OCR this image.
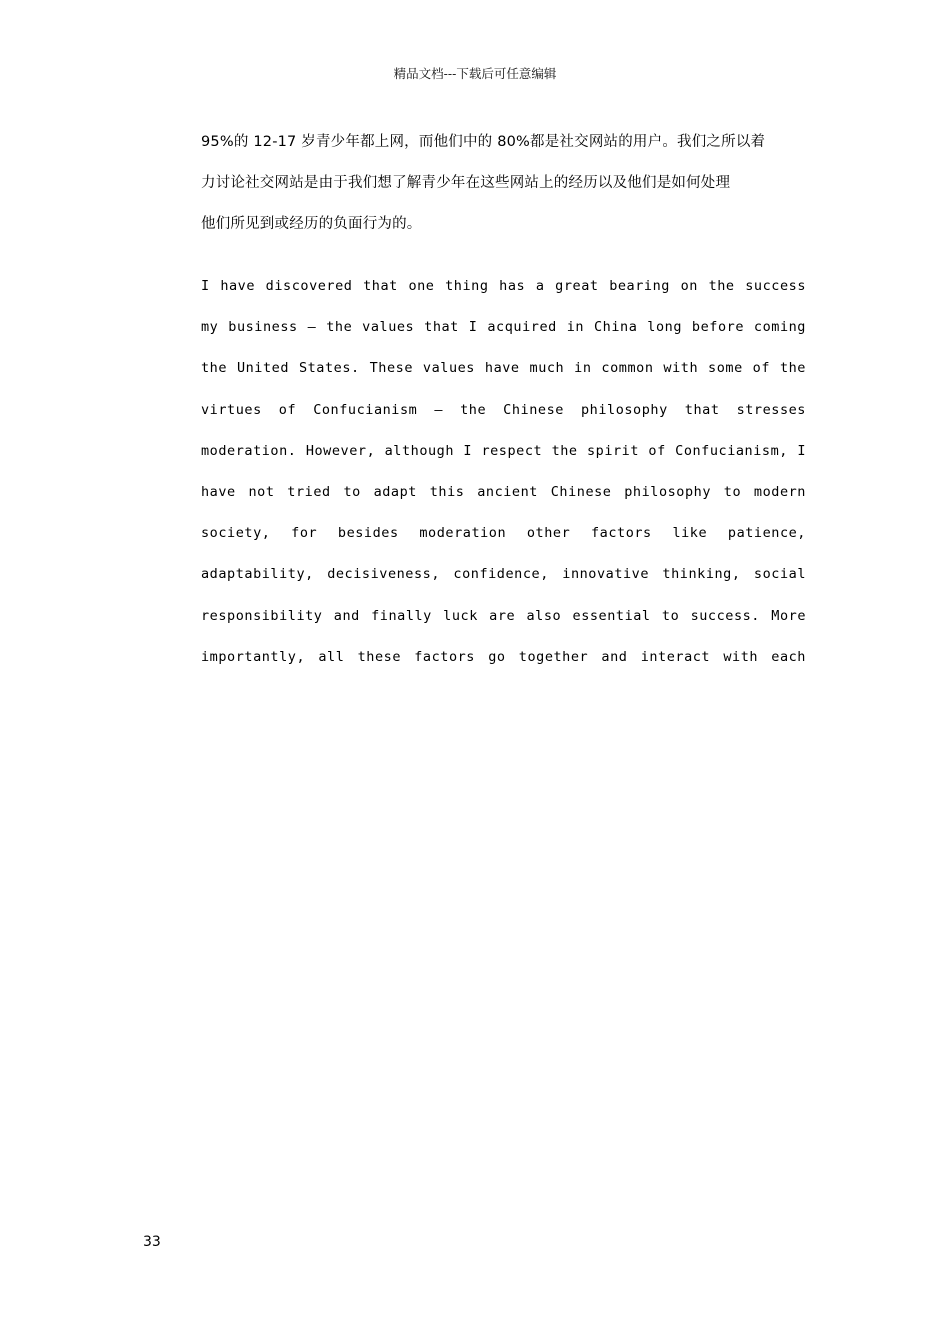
精品文档---下载后可任意编辑
95%的 12-17 岁青少年都上网，而他们中的 80%都是社交网站的用户。我们之所以着
力讨论社交网站是由于我们想了解青少年在这些网站上的经历以及他们是如何处理
他们所见到或经历的负面行为的。
I have discovered that one thing has a great bearing on the success
my business — the values that I acquired in China long before coming
the United States. These values have much in common with some of the
virtues of Confucianism — the Chinese philosophy that stresses
moderation. However, although I respect the spirit of Confucianism, I
have not tried to adapt this ancient Chinese philosophy to modern
society, for besides moderation other factors like patience,
adaptability, decisiveness, confidence, innovative thinking, social
responsibility and finally luck are also essential to success. More
importantly, all these factors go together and interact with each
33
